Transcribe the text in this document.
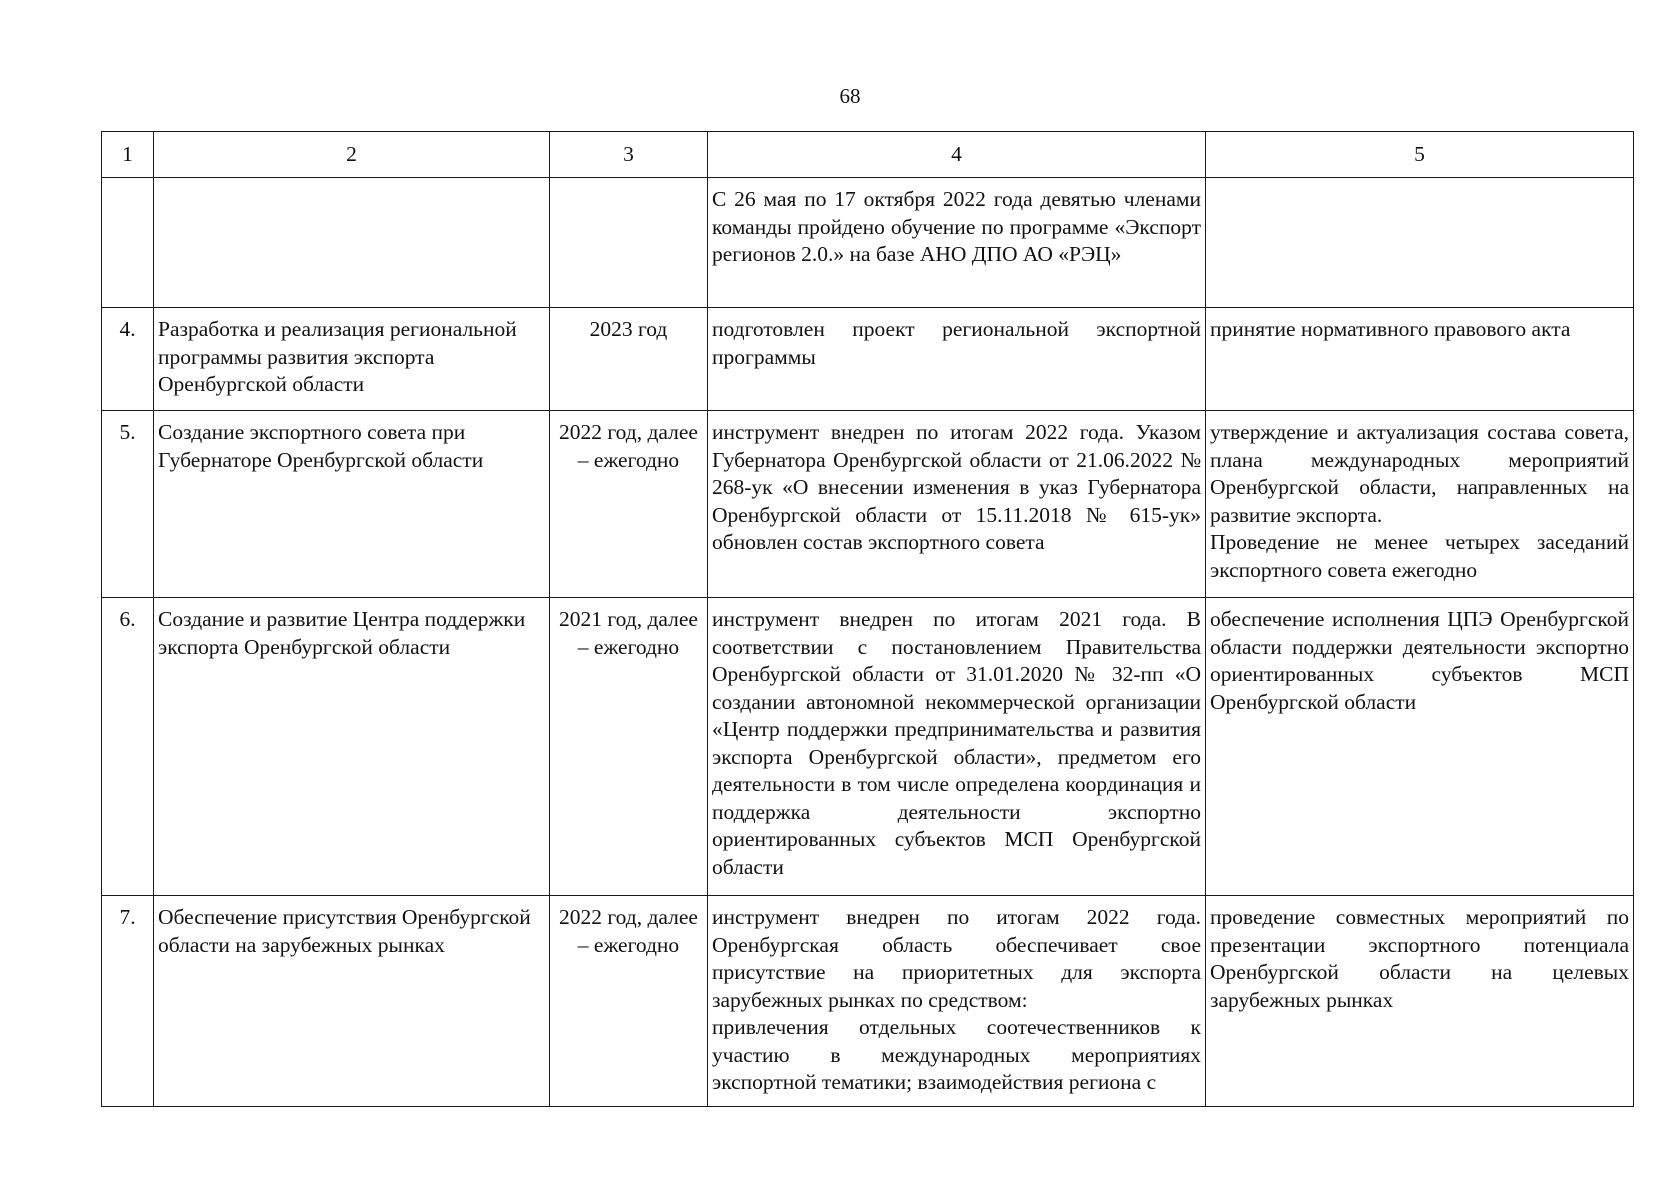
68
1	2	3	4	5

			С 26 мая по 17 октября 2022 года девятью членами команды пройдено обучение по программе «Экспорт регионов 2.0.» на базе АНО ДПО АО «РЭЦ»	

4.	Разработка и реализация региональной программы развития экспорта Оренбургской области	2023 год	подготовлен проект региональной экспортной программы	принятие нормативного правового акта

5.	Создание экспортного совета при Губернаторе Оренбургской области	2022 год, далее – ежегодно	инструмент внедрен по итогам 2022 года. Указом Губернатора Оренбургской области от 21.06.2022 № 268-ук «О внесении изменения в указ Губернатора Оренбургской области от 15.11.2018 № 615-ук» обновлен состав экспортного совета	утверждение и актуализация состава совета, плана международных мероприятий Оренбургской области, направленных на развитие экспорта.
Проведение не менее четырех заседаний экспортного совета ежегодно

6.	Создание и развитие Центра поддержки экспорта Оренбургской области	2021 год, далее – ежегодно	инструмент внедрен по итогам 2021 года. В соответствии с постановлением Правительства Оренбургской области от 31.01.2020 № 32-пп «О создании автономной некоммерческой организации «Центр поддержки предпринимательства и развития экспорта Оренбургской области», предметом его деятельности в том числе определена координация и поддержка деятельности экспортно ориентированных субъектов МСП Оренбургской области	обеспечение исполнения ЦПЭ Оренбургской области поддержки деятельности экспортно ориентированных субъектов МСП Оренбургской области

7.	Обеспечение присутствия Оренбургской области на зарубежных рынках	2022 год, далее – ежегодно	инструмент внедрен по итогам 2022 года. Оренбургская область обеспечивает свое присутствие на приоритетных для экспорта зарубежных рынках по средством:
привлечения отдельных соотечественников к участию в международных мероприятиях экспортной тематики; взаимодействия региона с	проведение совместных мероприятий по презентации экспортного потенциала Оренбургской области на целевых зарубежных рынках
